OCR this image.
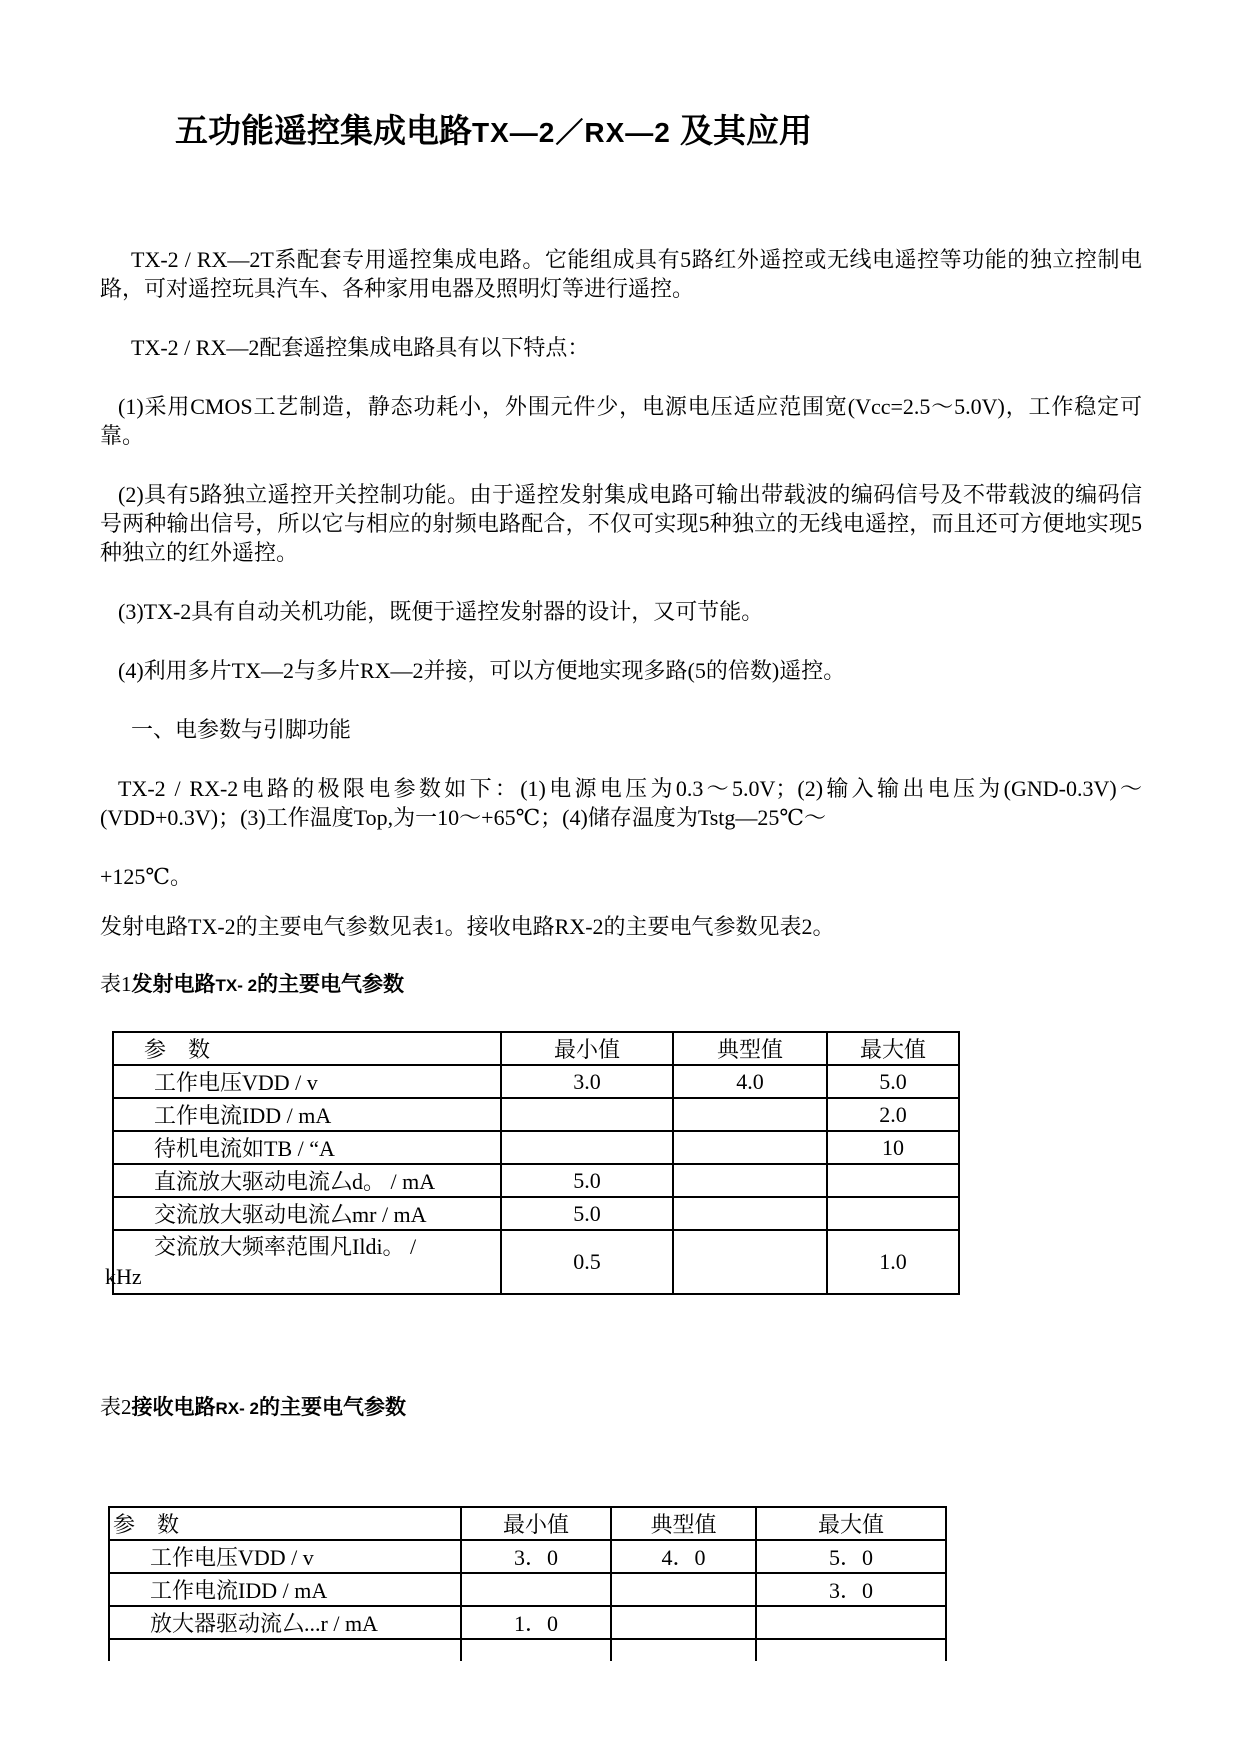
五功能遥控集成电路TX—2／RX—2 及其应用

TX-2 / RX—2T系配套专用遥控集成电路。它能组成具有5路红外遥控或无线电遥控等功能的独立控制电路，可对遥控玩具汽车、各种家用电器及照明灯等进行遥控。

TX-2 / RX—2配套遥控集成电路具有以下特点：

(1)采用CMOS工艺制造，静态功耗小，外围元件少，电源电压适应范围宽(Vcc=2.5～5.0V)，工作稳定可靠。

(2)具有5路独立遥控开关控制功能。由于遥控发射集成电路可输出带载波的编码信号及不带载波的编码信号两种输出信号，所以它与相应的射频电路配合，不仅可实现5种独立的无线电遥控，而且还可方便地实现5种独立的红外遥控。

(3)TX-2具有自动关机功能，既便于遥控发射器的设计，又可节能。

(4)利用多片TX—2与多片RX—2并接，可以方便地实现多路(5的倍数)遥控。

一、电参数与引脚功能

TX-2 / RX-2电路的极限电参数如下：(1)电源电压为0.3～5.0V；(2)输入输出电压为(GND-0.3V)～(VDD+0.3V)；(3)工作温度Top,为一10～+65℃；(4)储存温度为Tstg—25℃～

+125℃。

发射电路TX-2的主要电气参数见表1。接收电路RX-2的主要电气参数见表2。

表1发射电路TX- 2的主要电气参数
参　数	最小值	典型值	最大值
工作电压VDD / v	3.0	4.0	5.0
工作电流IDD / mA			2.0
待机电流如TB / “A			10
直流放大驱动电流厶d。 / mA	5.0		
交流放大驱动电流厶mr / mA	5.0		

交流放大频率范围凡Ildi。 /
kHz	0.5		1.0
表2接收电路RX- 2的主要电气参数
参　数	最小值	典型值	最大值
工作电压VDD / v	3．0	4．0	5．0
工作电流IDD / mA			3．0
放大器驱动流厶...r / mA	1．0		
